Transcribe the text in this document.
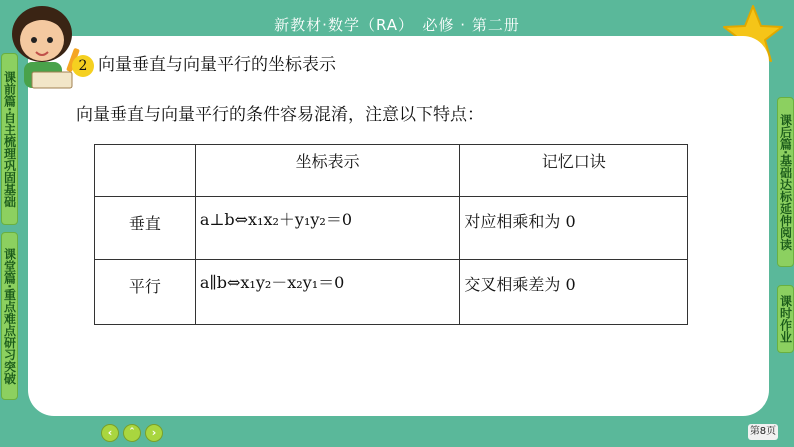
新教材·数学（RA）　必修 · 第二册
课前篇·自主梳理巩固基础
课堂篇·重点难点研习突破
课后篇·基础达标延伸阅读
课时作业
2 向量垂直与向量平行的坐标表示
向量垂直与向量平行的条件容易混淆，注意以下特点：
	坐标表示	记忆口诀
垂直	a⊥b⇔x₁x₂＋y₁y₂＝0	对应相乘和为 0
平行	a∥b⇔x₁y₂－x₂y₁＝0	交叉相乘差为 0
‹	ˆ	›	第8页
